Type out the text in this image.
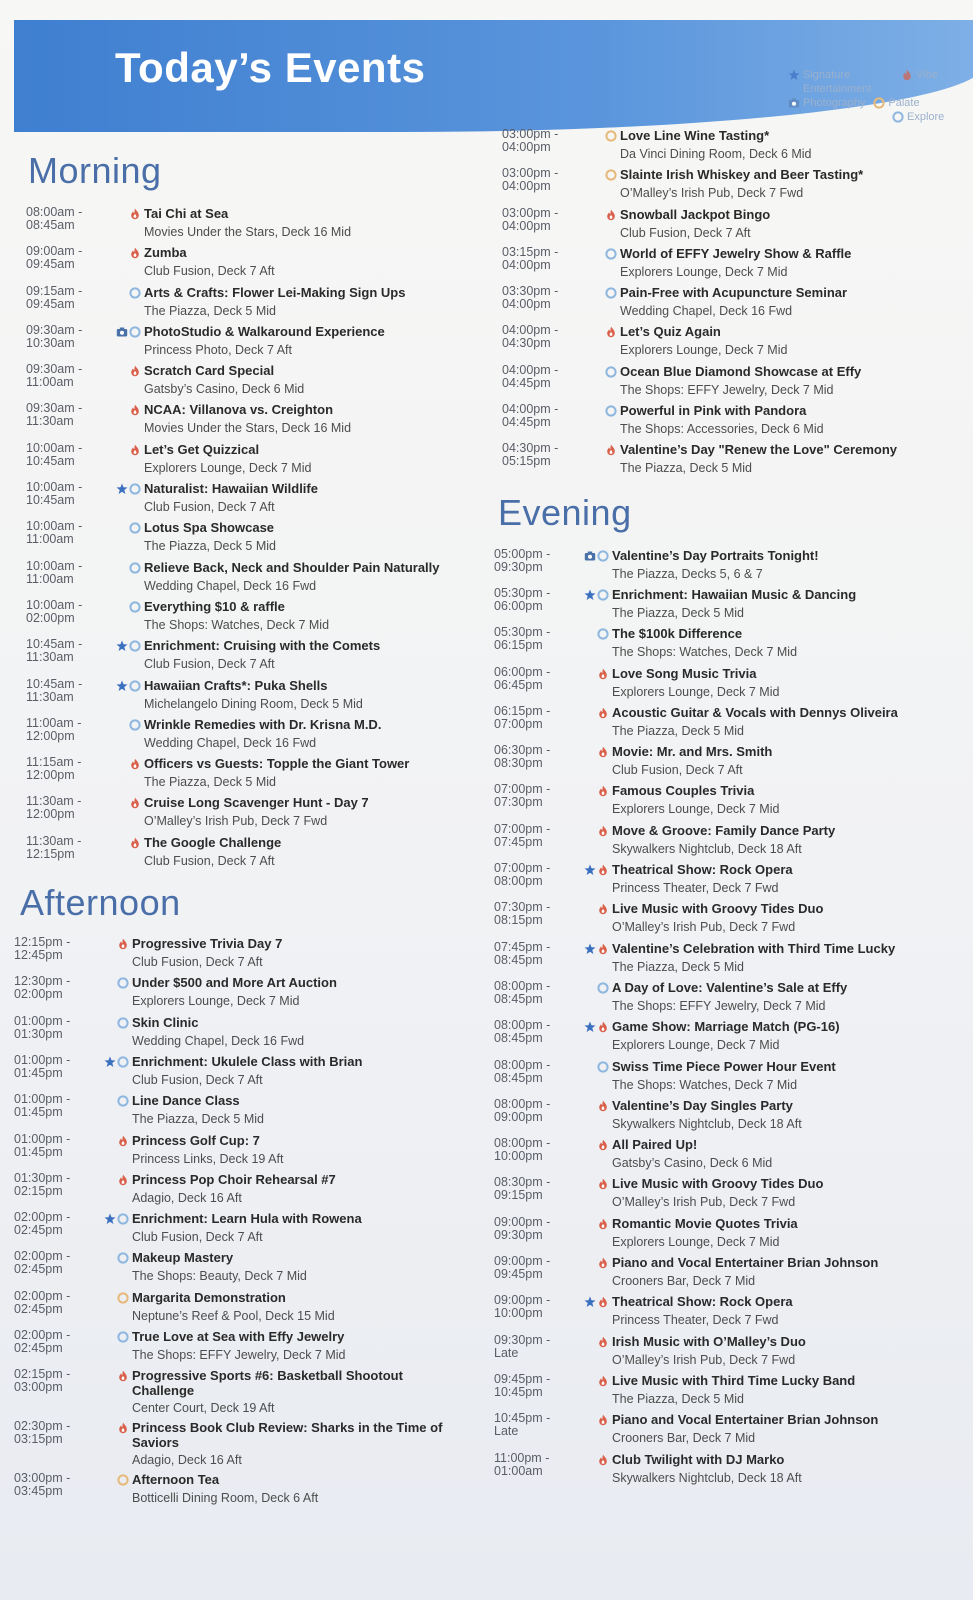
Today’s Events	Signature Entertainment
Vibe
Photography Palate
Explore
Morning
08:00am -
08:45am
Tai Chi at Sea
Movies Under the Stars, Deck 16 Mid
09:00am -
09:45am
Zumba
Club Fusion, Deck 7 Aft
09:15am -
09:45am
Arts & Crafts: Flower Lei-Making Sign Ups
The Piazza, Deck 5 Mid
09:30am -
10:30am
PhotoStudio & Walkaround Experience
Princess Photo, Deck 7 Aft
09:30am -
11:00am
Scratch Card Special
Gatsby’s Casino, Deck 6 Mid
09:30am -
11:30am
NCAA: Villanova vs. Creighton
Movies Under the Stars, Deck 16 Mid
10:00am -
10:45am
Let’s Get Quizzical
Explorers Lounge, Deck 7 Mid
10:00am -
10:45am
Naturalist: Hawaiian Wildlife
Club Fusion, Deck 7 Aft
10:00am -
11:00am
Lotus Spa Showcase
The Piazza, Deck 5 Mid
10:00am -
11:00am
Relieve Back, Neck and Shoulder Pain Naturally
Wedding Chapel, Deck 16 Fwd
10:00am -
02:00pm
Everything $10 & raffle
The Shops: Watches, Deck 7 Mid
10:45am -
11:30am
Enrichment: Cruising with the Comets
Club Fusion, Deck 7 Aft
10:45am -
11:30am
Hawaiian Crafts*: Puka Shells
Michelangelo Dining Room, Deck 5 Mid
11:00am -
12:00pm
Wrinkle Remedies with Dr. Krisna M.D.
Wedding Chapel, Deck 16 Fwd
11:15am -
12:00pm
Officers vs Guests: Topple the Giant Tower
The Piazza, Deck 5 Mid
11:30am -
12:00pm
Cruise Long Scavenger Hunt - Day 7
O’Malley’s Irish Pub, Deck 7 Fwd
11:30am -
12:15pm
The Google Challenge
Club Fusion, Deck 7 Aft
Afternoon
12:15pm -
12:45pm
Progressive Trivia Day 7
Club Fusion, Deck 7 Aft
12:30pm -
02:00pm
Under $500 and More Art Auction
Explorers Lounge, Deck 7 Mid
01:00pm -
01:30pm
Skin Clinic
Wedding Chapel, Deck 16 Fwd
01:00pm -
01:45pm
Enrichment: Ukulele Class with Brian
Club Fusion, Deck 7 Aft
01:00pm -
01:45pm
Line Dance Class
The Piazza, Deck 5 Mid
01:00pm -
01:45pm
Princess Golf Cup: 7
Princess Links, Deck 19 Aft
01:30pm -
02:15pm
Princess Pop Choir Rehearsal #7
Adagio, Deck 16 Aft
02:00pm -
02:45pm
Enrichment: Learn Hula with Rowena
Club Fusion, Deck 7 Aft
02:00pm -
02:45pm
Makeup Mastery
The Shops: Beauty, Deck 7 Mid
02:00pm -
02:45pm
Margarita Demonstration
Neptune’s Reef & Pool, Deck 15 Mid
02:00pm -
02:45pm
True Love at Sea with Effy Jewelry
The Shops: EFFY Jewelry, Deck 7 Mid
02:15pm -
03:00pm
Progressive Sports #6: Basketball Shootout Challenge
Center Court, Deck 19 Aft
02:30pm -
03:15pm
Princess Book Club Review: Sharks in the Time of Saviors
Adagio, Deck 16 Aft
03:00pm -
03:45pm
Afternoon Tea
Botticelli Dining Room, Deck 6 Aft
03:00pm -
04:00pm
Love Line Wine Tasting*
Da Vinci Dining Room, Deck 6 Mid
03:00pm -
04:00pm
Slainte Irish Whiskey and Beer Tasting*
O’Malley’s Irish Pub, Deck 7 Fwd
03:00pm -
04:00pm
Snowball Jackpot Bingo
Club Fusion, Deck 7 Aft
03:15pm -
04:00pm
World of EFFY Jewelry Show & Raffle
Explorers Lounge, Deck 7 Mid
03:30pm -
04:00pm
Pain-Free with Acupuncture Seminar
Wedding Chapel, Deck 16 Fwd
04:00pm -
04:30pm
Let’s Quiz Again
Explorers Lounge, Deck 7 Mid
04:00pm -
04:45pm
Ocean Blue Diamond Showcase at Effy
The Shops: EFFY Jewelry, Deck 7 Mid
04:00pm -
04:45pm
Powerful in Pink with Pandora
The Shops: Accessories, Deck 6 Mid
04:30pm -
05:15pm
Valentine’s Day "Renew the Love" Ceremony
The Piazza, Deck 5 Mid
Evening
05:00pm -
09:30pm
Valentine’s Day Portraits Tonight!
The Piazza, Decks 5, 6 & 7
05:30pm -
06:00pm
Enrichment: Hawaiian Music & Dancing
The Piazza, Deck 5 Mid
05:30pm -
06:15pm
The $100k Difference
The Shops: Watches, Deck 7 Mid
06:00pm -
06:45pm
Love Song Music Trivia
Explorers Lounge, Deck 7 Mid
06:15pm -
07:00pm
Acoustic Guitar & Vocals with Dennys Oliveira
The Piazza, Deck 5 Mid
06:30pm -
08:30pm
Movie: Mr. and Mrs. Smith
Club Fusion, Deck 7 Aft
07:00pm -
07:30pm
Famous Couples Trivia
Explorers Lounge, Deck 7 Mid
07:00pm -
07:45pm
Move & Groove: Family Dance Party
Skywalkers Nightclub, Deck 18 Aft
07:00pm -
08:00pm
Theatrical Show: Rock Opera
Princess Theater, Deck 7 Fwd
07:30pm -
08:15pm
Live Music with Groovy Tides Duo
O’Malley’s Irish Pub, Deck 7 Fwd
07:45pm -
08:45pm
Valentine’s Celebration with Third Time Lucky
The Piazza, Deck 5 Mid
08:00pm -
08:45pm
A Day of Love: Valentine’s Sale at Effy
The Shops: EFFY Jewelry, Deck 7 Mid
08:00pm -
08:45pm
Game Show: Marriage Match (PG-16)
Explorers Lounge, Deck 7 Mid
08:00pm -
08:45pm
Swiss Time Piece Power Hour Event
The Shops: Watches, Deck 7 Mid
08:00pm -
09:00pm
Valentine’s Day Singles Party
Skywalkers Nightclub, Deck 18 Aft
08:00pm -
10:00pm
All Paired Up!
Gatsby’s Casino, Deck 6 Mid
08:30pm -
09:15pm
Live Music with Groovy Tides Duo
O’Malley’s Irish Pub, Deck 7 Fwd
09:00pm -
09:30pm
Romantic Movie Quotes Trivia
Explorers Lounge, Deck 7 Mid
09:00pm -
09:45pm
Piano and Vocal Entertainer Brian Johnson
Crooners Bar, Deck 7 Mid
09:00pm -
10:00pm
Theatrical Show: Rock Opera
Princess Theater, Deck 7 Fwd
09:30pm -
Late
Irish Music with O’Malley’s Duo
O’Malley’s Irish Pub, Deck 7 Fwd
09:45pm -
10:45pm
Live Music with Third Time Lucky Band
The Piazza, Deck 5 Mid
10:45pm -
Late
Piano and Vocal Entertainer Brian Johnson
Crooners Bar, Deck 7 Mid
11:00pm -
01:00am
Club Twilight with DJ Marko
Skywalkers Nightclub, Deck 18 Aft
